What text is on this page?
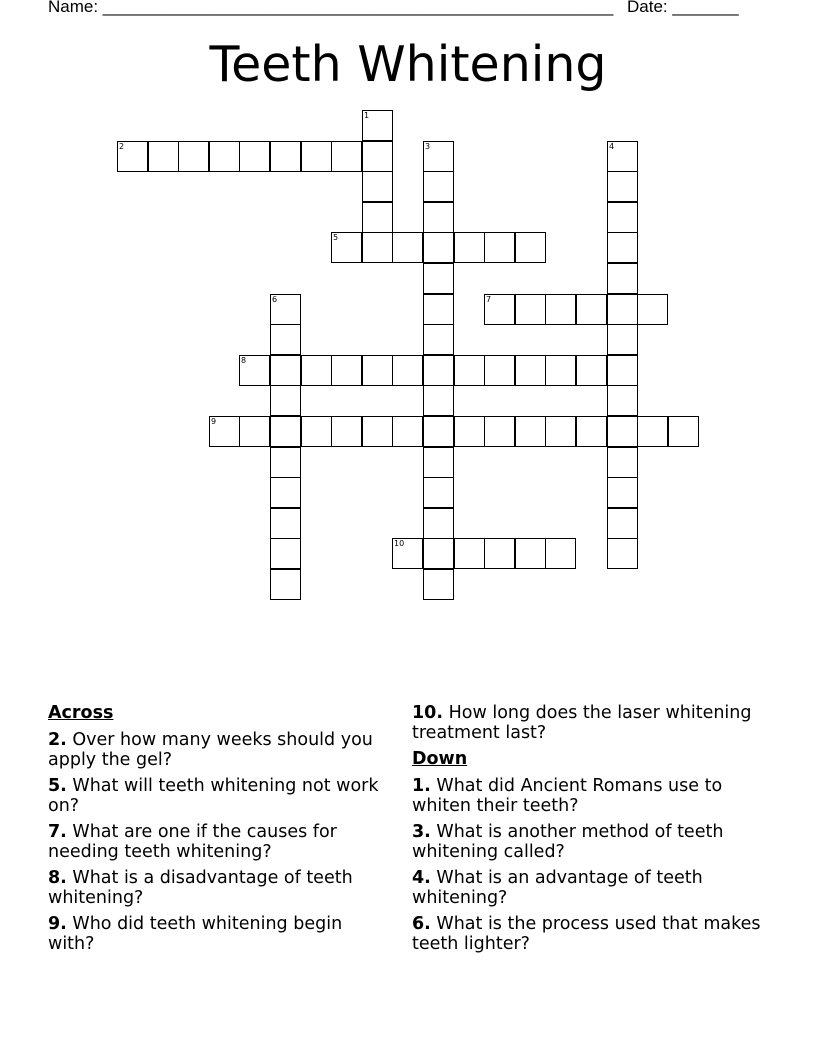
Name: ______________________________________________________ Date: _______
Teeth Whitening
1
2	3	4
5
6	7
8
9
10
Across
2. Over how many weeks should you apply the gel?
5. What will teeth whitening not work on?
7. What are one if the causes for needing teeth whitening?
8. What is a disadvantage of teeth whitening?
9. Who did teeth whitening begin with?
10. How long does the laser whitening treatment last?
Down
1. What did Ancient Romans use to whiten their teeth?
3. What is another method of teeth whitening called?
4. What is an advantage of teeth whitening?
6. What is the process used that makes teeth lighter?
